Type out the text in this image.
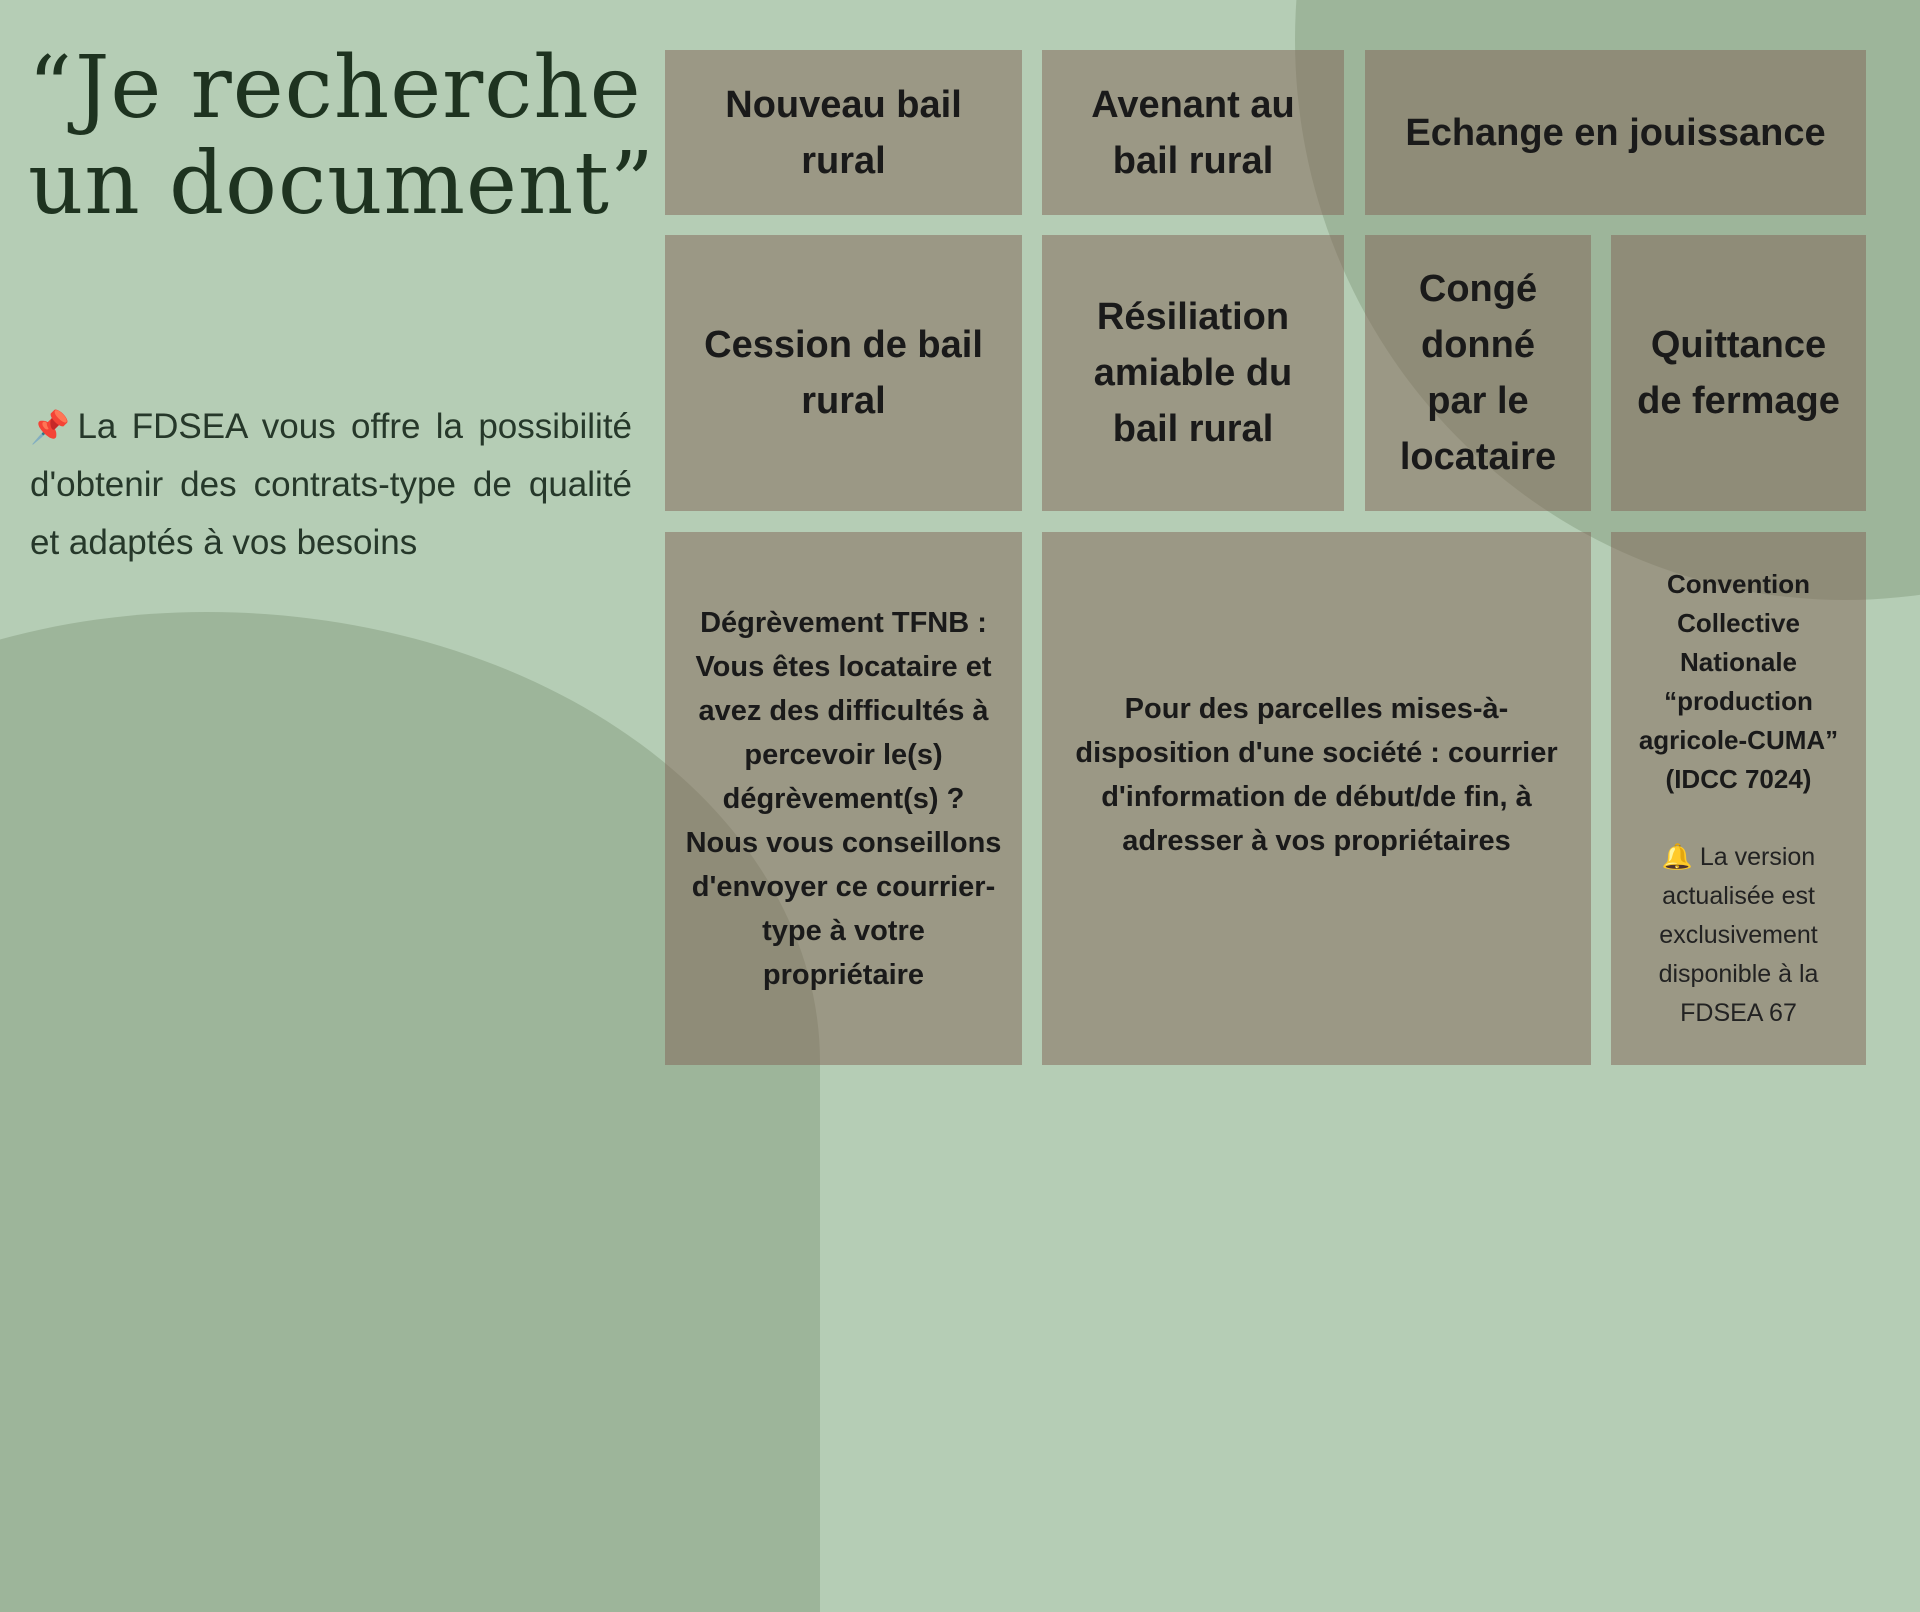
“Je recherche
un document”

📌La FDSEA vous offre la possibilité d'obtenir des contrats-type de qualité et adaptés à vos besoins

Nouveau bail rural
Avenant au bail rural
Echange en jouissance
Cession de bail rural
Résiliation amiable du bail rural
Congé donné par le locataire
Quittance de fermage
Dégrèvement TFNB : Vous êtes locataire et avez des difficultés à percevoir le(s) dégrèvement(s) ? Nous vous conseillons d'envoyer ce courrier-type à votre propriétaire
Pour des parcelles mises-à-disposition d'une société : courrier d'information de début/de fin, à adresser à vos propriétaires
Convention Collective Nationale “production agricole-CUMA” (IDCC 7024)
🔔 La version actualisée est exclusivement disponible à la FDSEA 67
